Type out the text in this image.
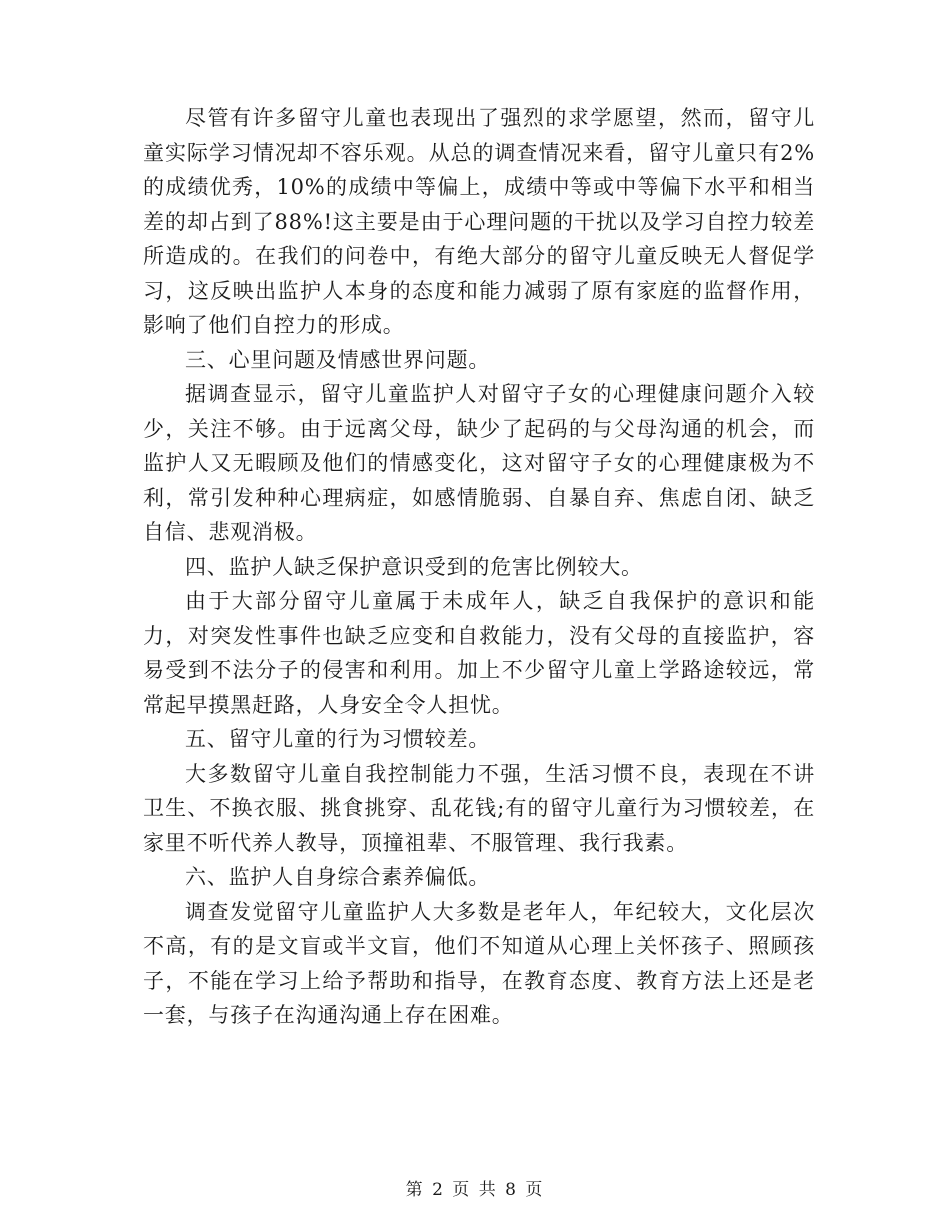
尽管有许多留守儿童也表现出了强烈的求学愿望，然而，留守儿童实际学习情况却不容乐观。从总的调查情况来看，留守儿童只有2%的成绩优秀，10%的成绩中等偏上，成绩中等或中等偏下水平和相当差的却占到了88%!这主要是由于心理问题的干扰以及学习自控力较差所造成的。在我们的问卷中，有绝大部分的留守儿童反映无人督促学习，这反映出监护人本身的态度和能力减弱了原有家庭的监督作用，影响了他们自控力的形成。

三、心里问题及情感世界问题。

据调查显示，留守儿童监护人对留守子女的心理健康问题介入较少，关注不够。由于远离父母，缺少了起码的与父母沟通的机会，而监护人又无暇顾及他们的情感变化，这对留守子女的心理健康极为不利，常引发种种心理病症，如感情脆弱、自暴自弃、焦虑自闭、缺乏自信、悲观消极。

四、监护人缺乏保护意识受到的危害比例较大。

由于大部分留守儿童属于未成年人，缺乏自我保护的意识和能力，对突发性事件也缺乏应变和自救能力，没有父母的直接监护，容易受到不法分子的侵害和利用。加上不少留守儿童上学路途较远，常常起早摸黑赶路，人身安全令人担忧。

五、留守儿童的行为习惯较差。

大多数留守儿童自我控制能力不强，生活习惯不良，表现在不讲卫生、不换衣服、挑食挑穿、乱花钱;有的留守儿童行为习惯较差，在家里不听代养人教导，顶撞祖辈、不服管理、我行我素。

六、监护人自身综合素养偏低。

调查发觉留守儿童监护人大多数是老年人，年纪较大，文化层次不高，有的是文盲或半文盲，他们不知道从心理上关怀孩子、照顾孩子，不能在学习上给予帮助和指导，在教育态度、教育方法上还是老一套，与孩子在沟通沟通上存在困难。

第 2 页 共 8 页
